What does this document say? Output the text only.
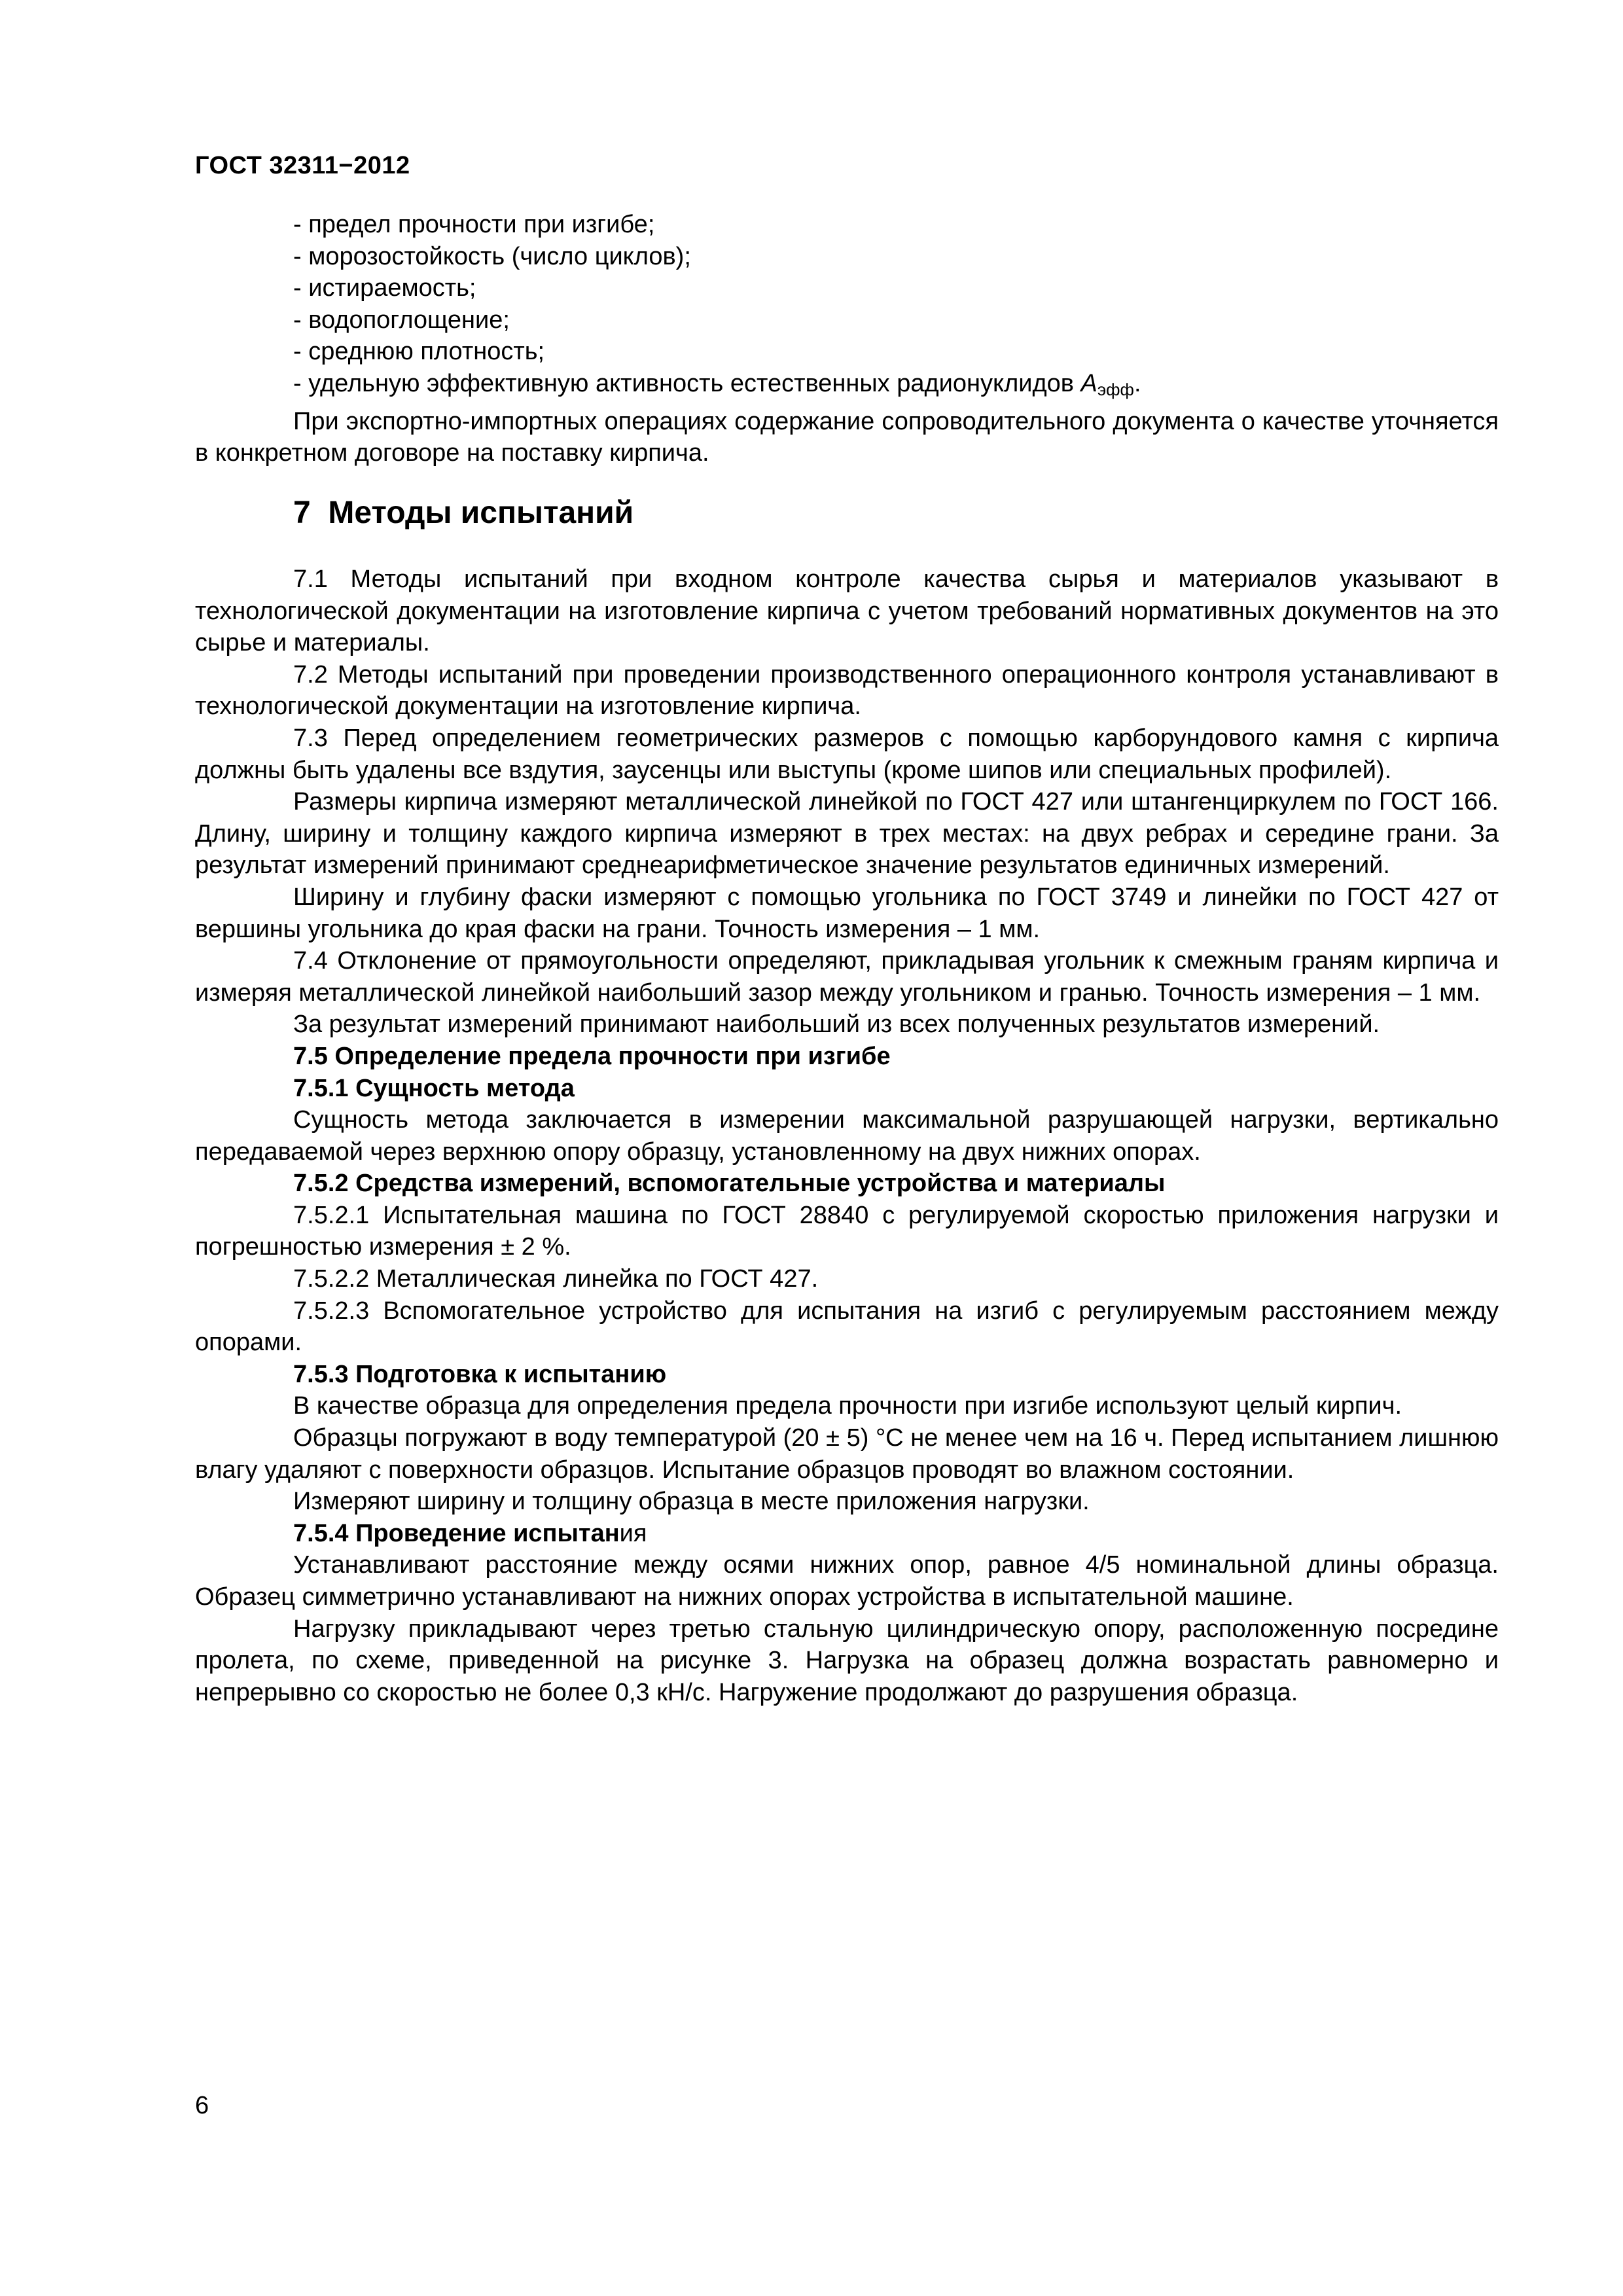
ГОСТ 32311−2012

- предел прочности при изгибе;

- морозостойкость (число циклов);

- истираемость;

- водопоглощение;

- среднюю плотность;

- удельную эффективную активность естественных радионуклидов $A_{эфф}$.

При экспортно-импортных операциях содержание сопроводительного документа о качестве уточняется в конкретном договоре на поставку кирпича.

7 Методы испытаний

7.1 Методы испытаний при входном контроле качества сырья и материалов указывают в технологической документации на изготовление кирпича с учетом требований нормативных документов на это сырье и материалы.

7.2 Методы испытаний при проведении производственного операционного контроля устанавливают в технологической документации на изготовление кирпича.

7.3 Перед определением геометрических размеров с помощью карборундового камня с кирпича должны быть удалены все вздутия, заусенцы или выступы (кроме шипов или специальных профилей).

Размеры кирпича измеряют металлической линейкой по ГОСТ 427 или штангенциркулем по ГОСТ 166. Длину, ширину и толщину каждого кирпича измеряют в трех местах: на двух ребрах и середине грани. За результат измерений принимают среднеарифметическое значение результатов единичных измерений.

Ширину и глубину фаски измеряют с помощью угольника по ГОСТ 3749 и линейки по ГОСТ 427 от вершины угольника до края фаски на грани. Точность измерения – 1 мм.

7.4 Отклонение от прямоугольности определяют, прикладывая угольник к смежным граням кирпича и измеряя металлической линейкой наибольший зазор между угольником и гранью. Точность измерения – 1 мм.

За результат измерений принимают наибольший из всех полученных результатов измерений.

7.5 Определение предела прочности при изгибе

7.5.1 Сущность метода

Сущность метода заключается в измерении максимальной разрушающей нагрузки, вертикально передаваемой через верхнюю опору образцу, установленному на двух нижних опорах.

7.5.2 Средства измерений, вспомогательные устройства и материалы

7.5.2.1 Испытательная машина по ГОСТ 28840 с регулируемой скоростью приложения нагрузки и погрешностью измерения ± 2 %.

7.5.2.2 Металлическая линейка по ГОСТ 427.

7.5.2.3 Вспомогательное устройство для испытания на изгиб с регулируемым расстоянием между опорами.

7.5.3 Подготовка к испытанию

В качестве образца для определения предела прочности при изгибе используют целый кирпич.

Образцы погружают в воду температурой (20 ± 5) °С не менее чем на 16 ч. Перед испытанием лишнюю влагу удаляют с поверхности образцов. Испытание образцов проводят во влажном состоянии.

Измеряют ширину и толщину образца в месте приложения нагрузки.

7.5.4 Проведение испытания

Устанавливают расстояние между осями нижних опор, равное 4/5 номинальной длины образца. Образец симметрично устанавливают на нижних опорах устройства в испытательной машине.

Нагрузку прикладывают через третью стальную цилиндрическую опору, расположенную посредине пролета, по схеме, приведенной на рисунке 3. Нагрузка на образец должна возрастать равномерно и непрерывно со скоростью не более 0,3 кН/с. Нагружение продолжают до разрушения образца.

6
